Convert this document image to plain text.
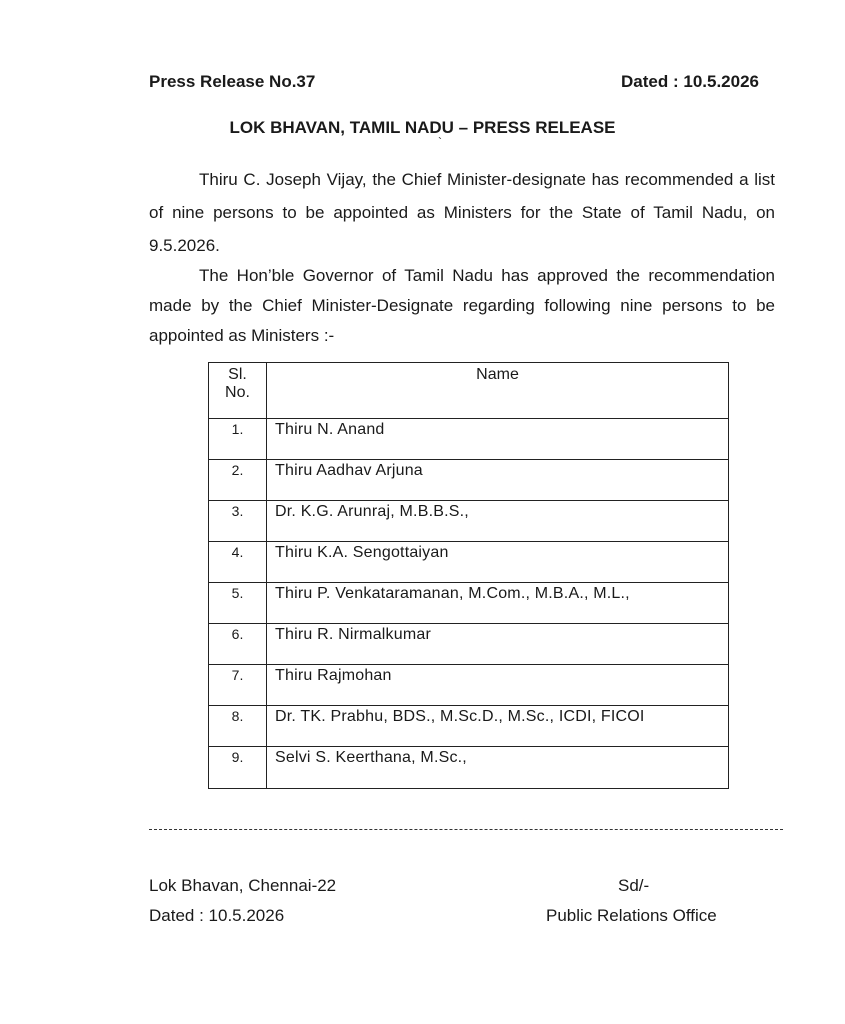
Press Release No.37	Dated : 10.5.2026
LOK BHAVAN, TAMIL NADU – PRESS RELEASE
`

Thiru C. Joseph Vijay, the Chief Minister-designate has recommended a list of nine persons to be appointed as Ministers for the State of Tamil Nadu, on 9.5.2026.

The Hon’ble Governor of Tamil Nadu has approved the recommendation made by the Chief Minister-Designate regarding following nine persons to be appointed as Ministers :-

Sl.
No.	Name
1.	Thiru N. Anand
2.	Thiru Aadhav Arjuna
3.	Dr. K.G. Arunraj, M.B.B.S.,
4.	Thiru K.A. Sengottaiyan
5.	Thiru P. Venkataramanan, M.Com., M.B.A., M.L.,
6.	Thiru R. Nirmalkumar
7.	Thiru Rajmohan
8.	Dr. TK. Prabhu, BDS., M.Sc.D., M.Sc., ICDI, FICOI
9.	Selvi S. Keerthana, M.Sc.,
Lok Bhavan, Chennai-22
Dated : 10.5.2026
Sd/-
Public Relations Office
